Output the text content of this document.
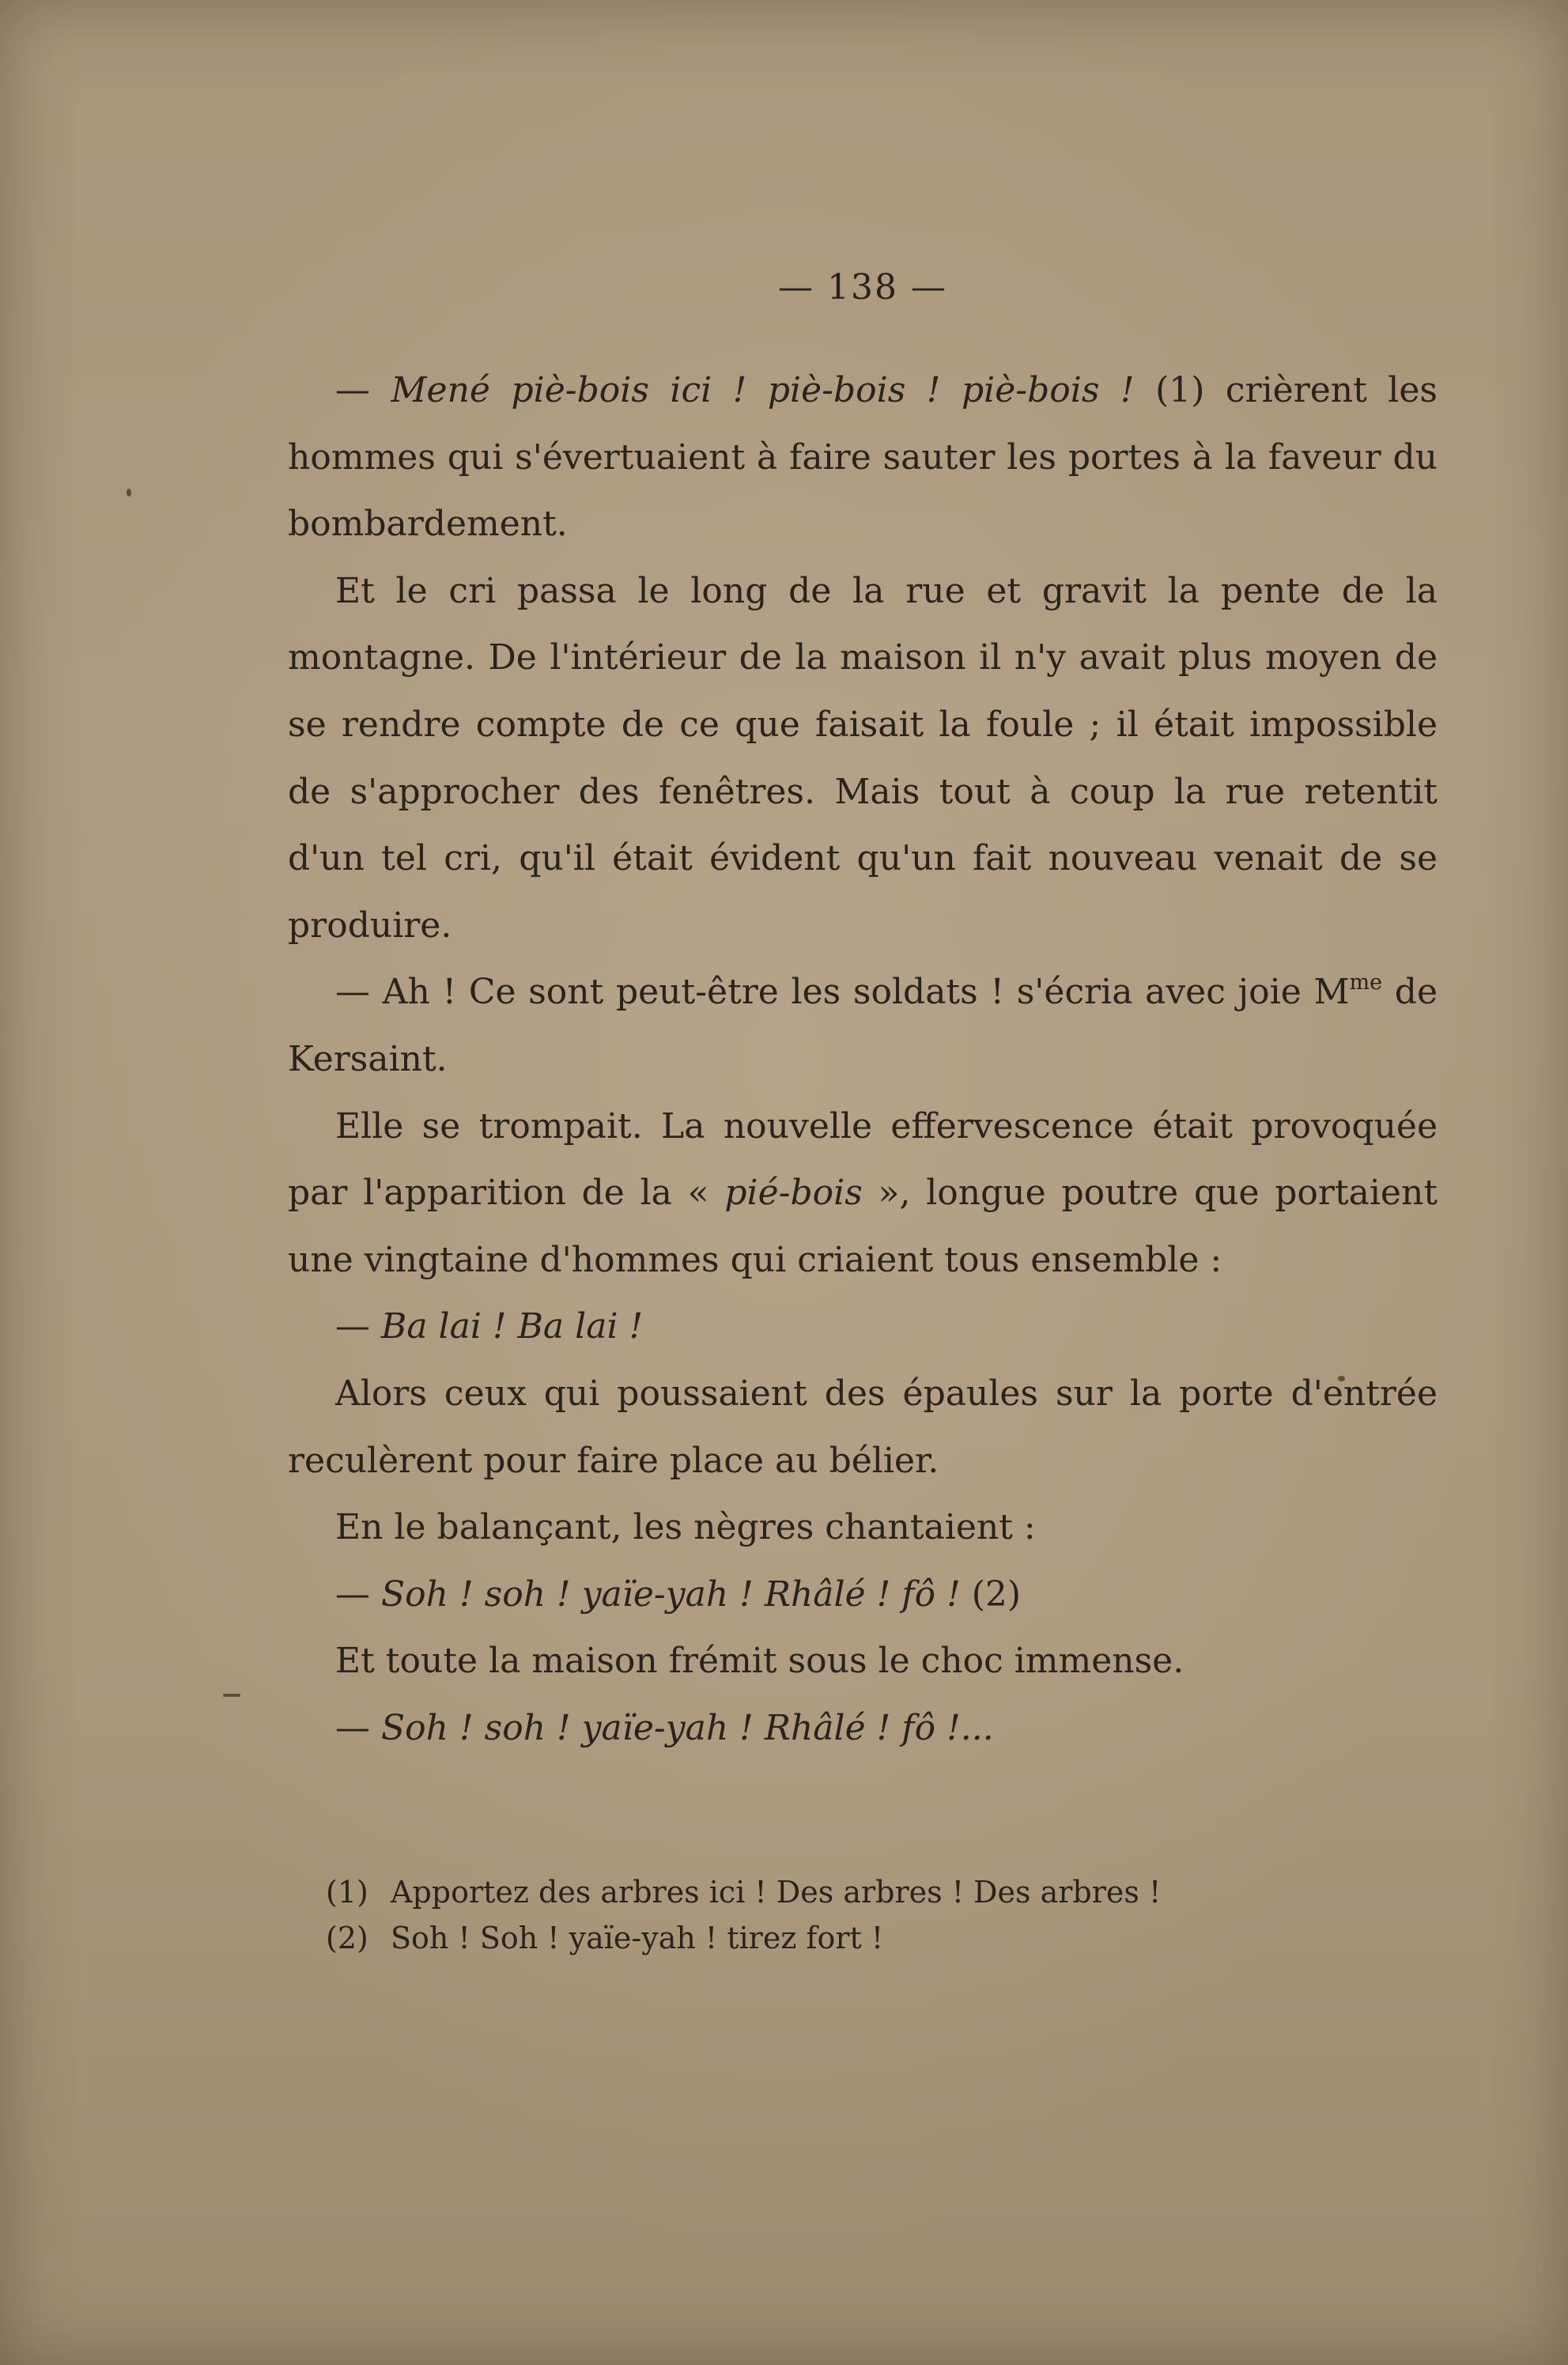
— 138 —

— Mené piè-bois ici ! piè-bois ! piè-bois ! (1) crièrent les hommes qui s'évertuaient à faire sauter les portes à la faveur du bombardement.

Et le cri passa le long de la rue et gravit la pente de la montagne. De l'intérieur de la maison il n'y avait plus moyen de se rendre compte de ce que faisait la foule ; il était impossible de s'approcher des fenêtres. Mais tout à coup la rue retentit d'un tel cri, qu'il était évident qu'un fait nouveau venait de se produire.

— Ah ! Ce sont peut-être les soldats ! s'écria avec joie $M^{me}$ de Kersaint.

Elle se trompait. La nouvelle effervescence était provoquée par l'apparition de la « pié-bois », longue poutre que portaient une vingtaine d'hommes qui criaient tous ensemble :

— Ba lai ! Ba lai !

Alors ceux qui poussaient des épaules sur la porte d'entrée reculèrent pour faire place au bélier.

En le balançant, les nègres chantaient :

— Soh ! soh ! yaïe-yah ! Rhâlé ! fô ! (2)

Et toute la maison frémit sous le choc immense.

— Soh ! soh ! yaïe-yah ! Rhâlé ! fô !...

(1) Apportez des arbres ici ! Des arbres ! Des arbres !

(2) Soh ! Soh ! yaïe-yah ! tirez fort !
